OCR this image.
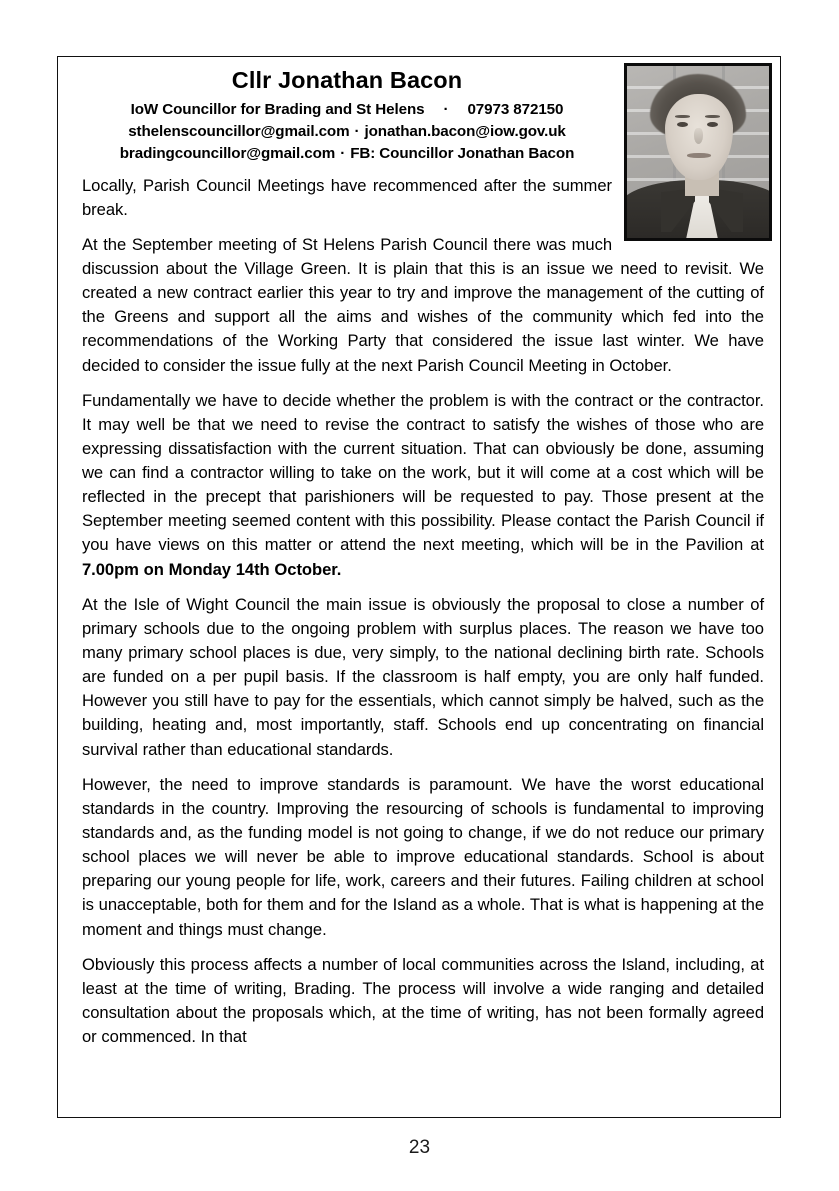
Cllr Jonathan Bacon
IoW Councillor for Brading and St Helens · 07973 872150
sthelenscouncillor@gmail.com · jonathan.bacon@iow.gov.uk
bradingcouncillor@gmail.com · FB: Councillor Jonathan Bacon

Locally, Parish Council Meetings have recommenced after the summer break.

At the September meeting of St Helens Parish Council there was much discussion about the Village Green. It is plain that this is an issue we need to revisit. We created a new contract earlier this year to try and improve the management of the cutting of the Greens and support all the aims and wishes of the community which fed into the recommendations of the Working Party that considered the issue last winter. We have decided to consider the issue fully at the next Parish Council Meeting in October.

Fundamentally we have to decide whether the problem is with the contract or the contractor. It may well be that we need to revise the contract to satisfy the wishes of those who are expressing dissatisfaction with the current situation. That can obviously be done, assuming we can find a contractor willing to take on the work, but it will come at a cost which will be reflected in the precept that parishioners will be requested to pay. Those present at the September meeting seemed content with this possibility. Please contact the Parish Council if you have views on this matter or attend the next meeting, which will be in the Pavilion at 7.00pm on Monday 14th October.

At the Isle of Wight Council the main issue is obviously the proposal to close a number of primary schools due to the ongoing problem with surplus places. The reason we have too many primary school places is due, very simply, to the national declining birth rate. Schools are funded on a per pupil basis. If the classroom is half empty, you are only half funded. However you still have to pay for the essentials, which cannot simply be halved, such as the building, heating and, most importantly, staff. Schools end up concentrating on financial survival rather than educational standards.

However, the need to improve standards is paramount. We have the worst educational standards in the country. Improving the resourcing of schools is fundamental to improving standards and, as the funding model is not going to change, if we do not reduce our primary school places we will never be able to improve educational standards. School is about preparing our young people for life, work, careers and their futures. Failing children at school is unacceptable, both for them and for the Island as a whole. That is what is happening at the moment and things must change.

Obviously this process affects a number of local communities across the Island, including, at least at the time of writing, Brading. The process will involve a wide ranging and detailed consultation about the proposals which, at the time of writing, has not been formally agreed or commenced. In that

23
